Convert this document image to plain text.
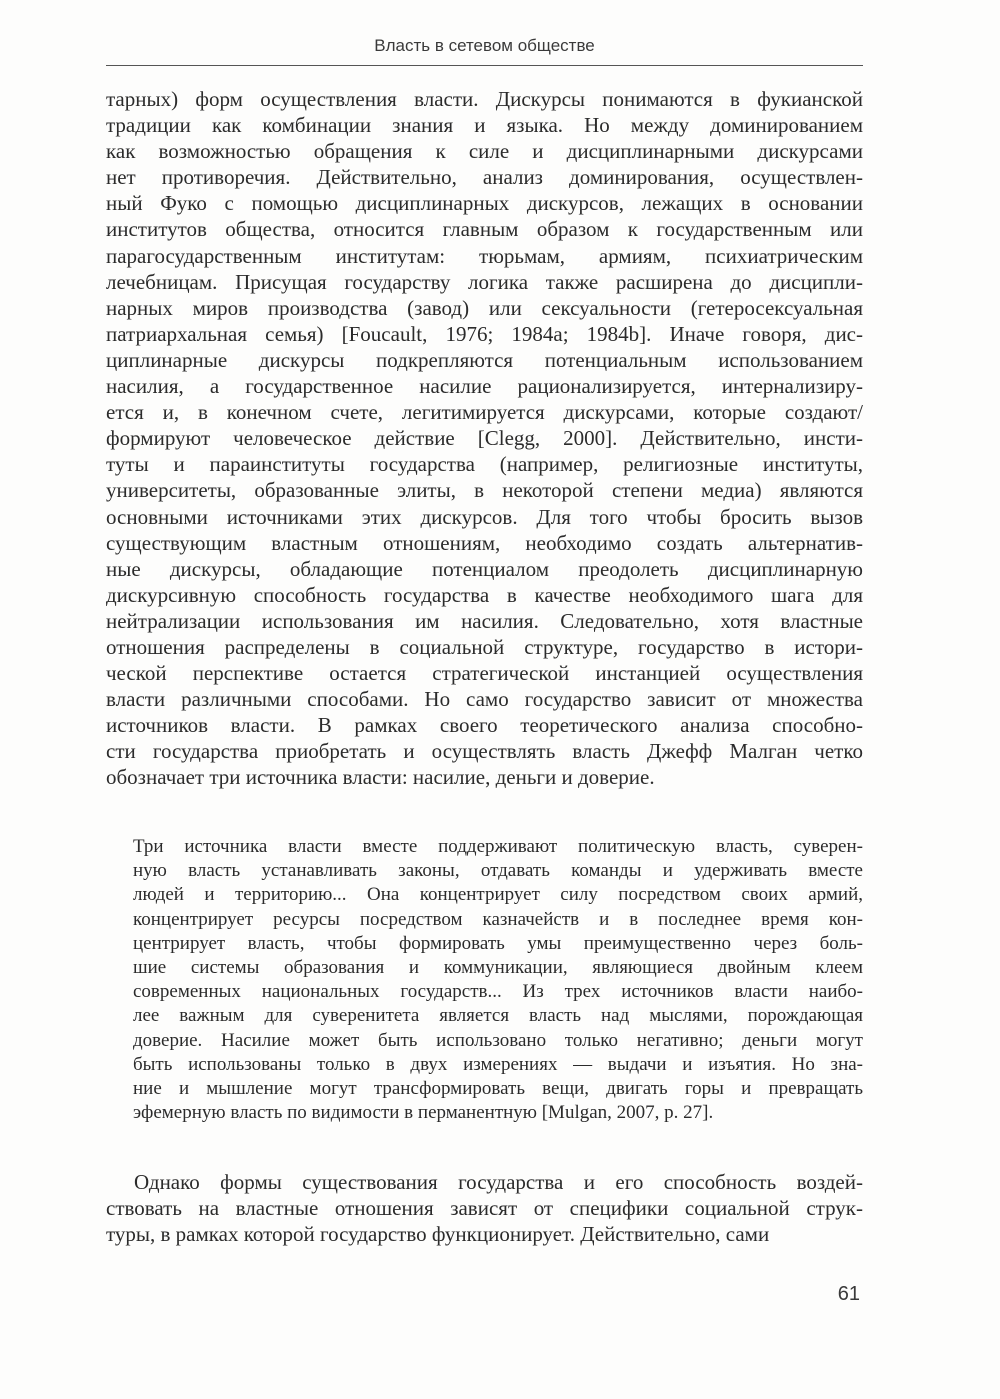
Власть в сетевом обществе
тарных) форм осуществления власти. Дискурсы понимаются в фукианской
традиции как комбинации знания и языка. Но между доминированием
как возможностью обращения к силе и дисциплинарными дискурсами
нет противоречия. Действительно, анализ доминирования, осуществлен-
ный Фуко с помощью дисциплинарных дискурсов, лежащих в основании
институтов общества, относится главным образом к государственным или
парагосударственным институтам: тюрьмам, армиям, психиатрическим
лечебницам. Присущая государству логика также расширена до дисципли-
нарных миров производства (завод) или сексуальности (гетеросексуальная
патриархальная семья) [Foucault, 1976; 1984a; 1984b]. Иначе говоря, дис-
циплинарные дискурсы подкрепляются потенциальным использованием
насилия, а государственное насилие рационализируется, интернализиру-
ется и, в конечном счете, легитимируется дискурсами, которые создают/
формируют человеческое действие [Clegg, 2000]. Действительно, инсти-
туты и параинституты государства (например, религиозные институты,
университеты, образованные элиты, в некоторой степени медиа) являются
основными источниками этих дискурсов. Для того чтобы бросить вызов
существующим властным отношениям, необходимо создать альтернатив-
ные дискурсы, обладающие потенциалом преодолеть дисциплинарную
дискурсивную способность государства в качестве необходимого шага для
нейтрализации использования им насилия. Следовательно, хотя властные
отношения распределены в социальной структуре, государство в истори-
ческой перспективе остается стратегической инстанцией осуществления
власти различными способами. Но само государство зависит от множества
источников власти. В рамках своего теоретического анализа способно-
сти государства приобретать и осуществлять власть Джефф Малган четко
обозначает три источника власти: насилие, деньги и доверие.
Три источника власти вместе поддерживают политическую власть, суверен-
ную власть устанавливать законы, отдавать команды и удерживать вместе
людей и территорию... Она концентрирует силу посредством своих армий,
концентрирует ресурсы посредством казначейств и в последнее время кон-
центрирует власть, чтобы формировать умы преимущественно через боль-
шие системы образования и коммуникации, являющиеся двойным клеем
современных национальных государств... Из трех источников власти наибо-
лее важным для суверенитета является власть над мыслями, порождающая
доверие. Насилие может быть использовано только негативно; деньги могут
быть использованы только в двух измерениях — выдачи и изъятия. Но зна-
ние и мышление могут трансформировать вещи, двигать горы и превращать
эфемерную власть по видимости в перманентную [Mulgan, 2007, p. 27].
Однако формы существования государства и его способность воздей-
ствовать на властные отношения зависят от специфики социальной струк-
туры, в рамках которой государство функционирует. Действительно, сами
61
